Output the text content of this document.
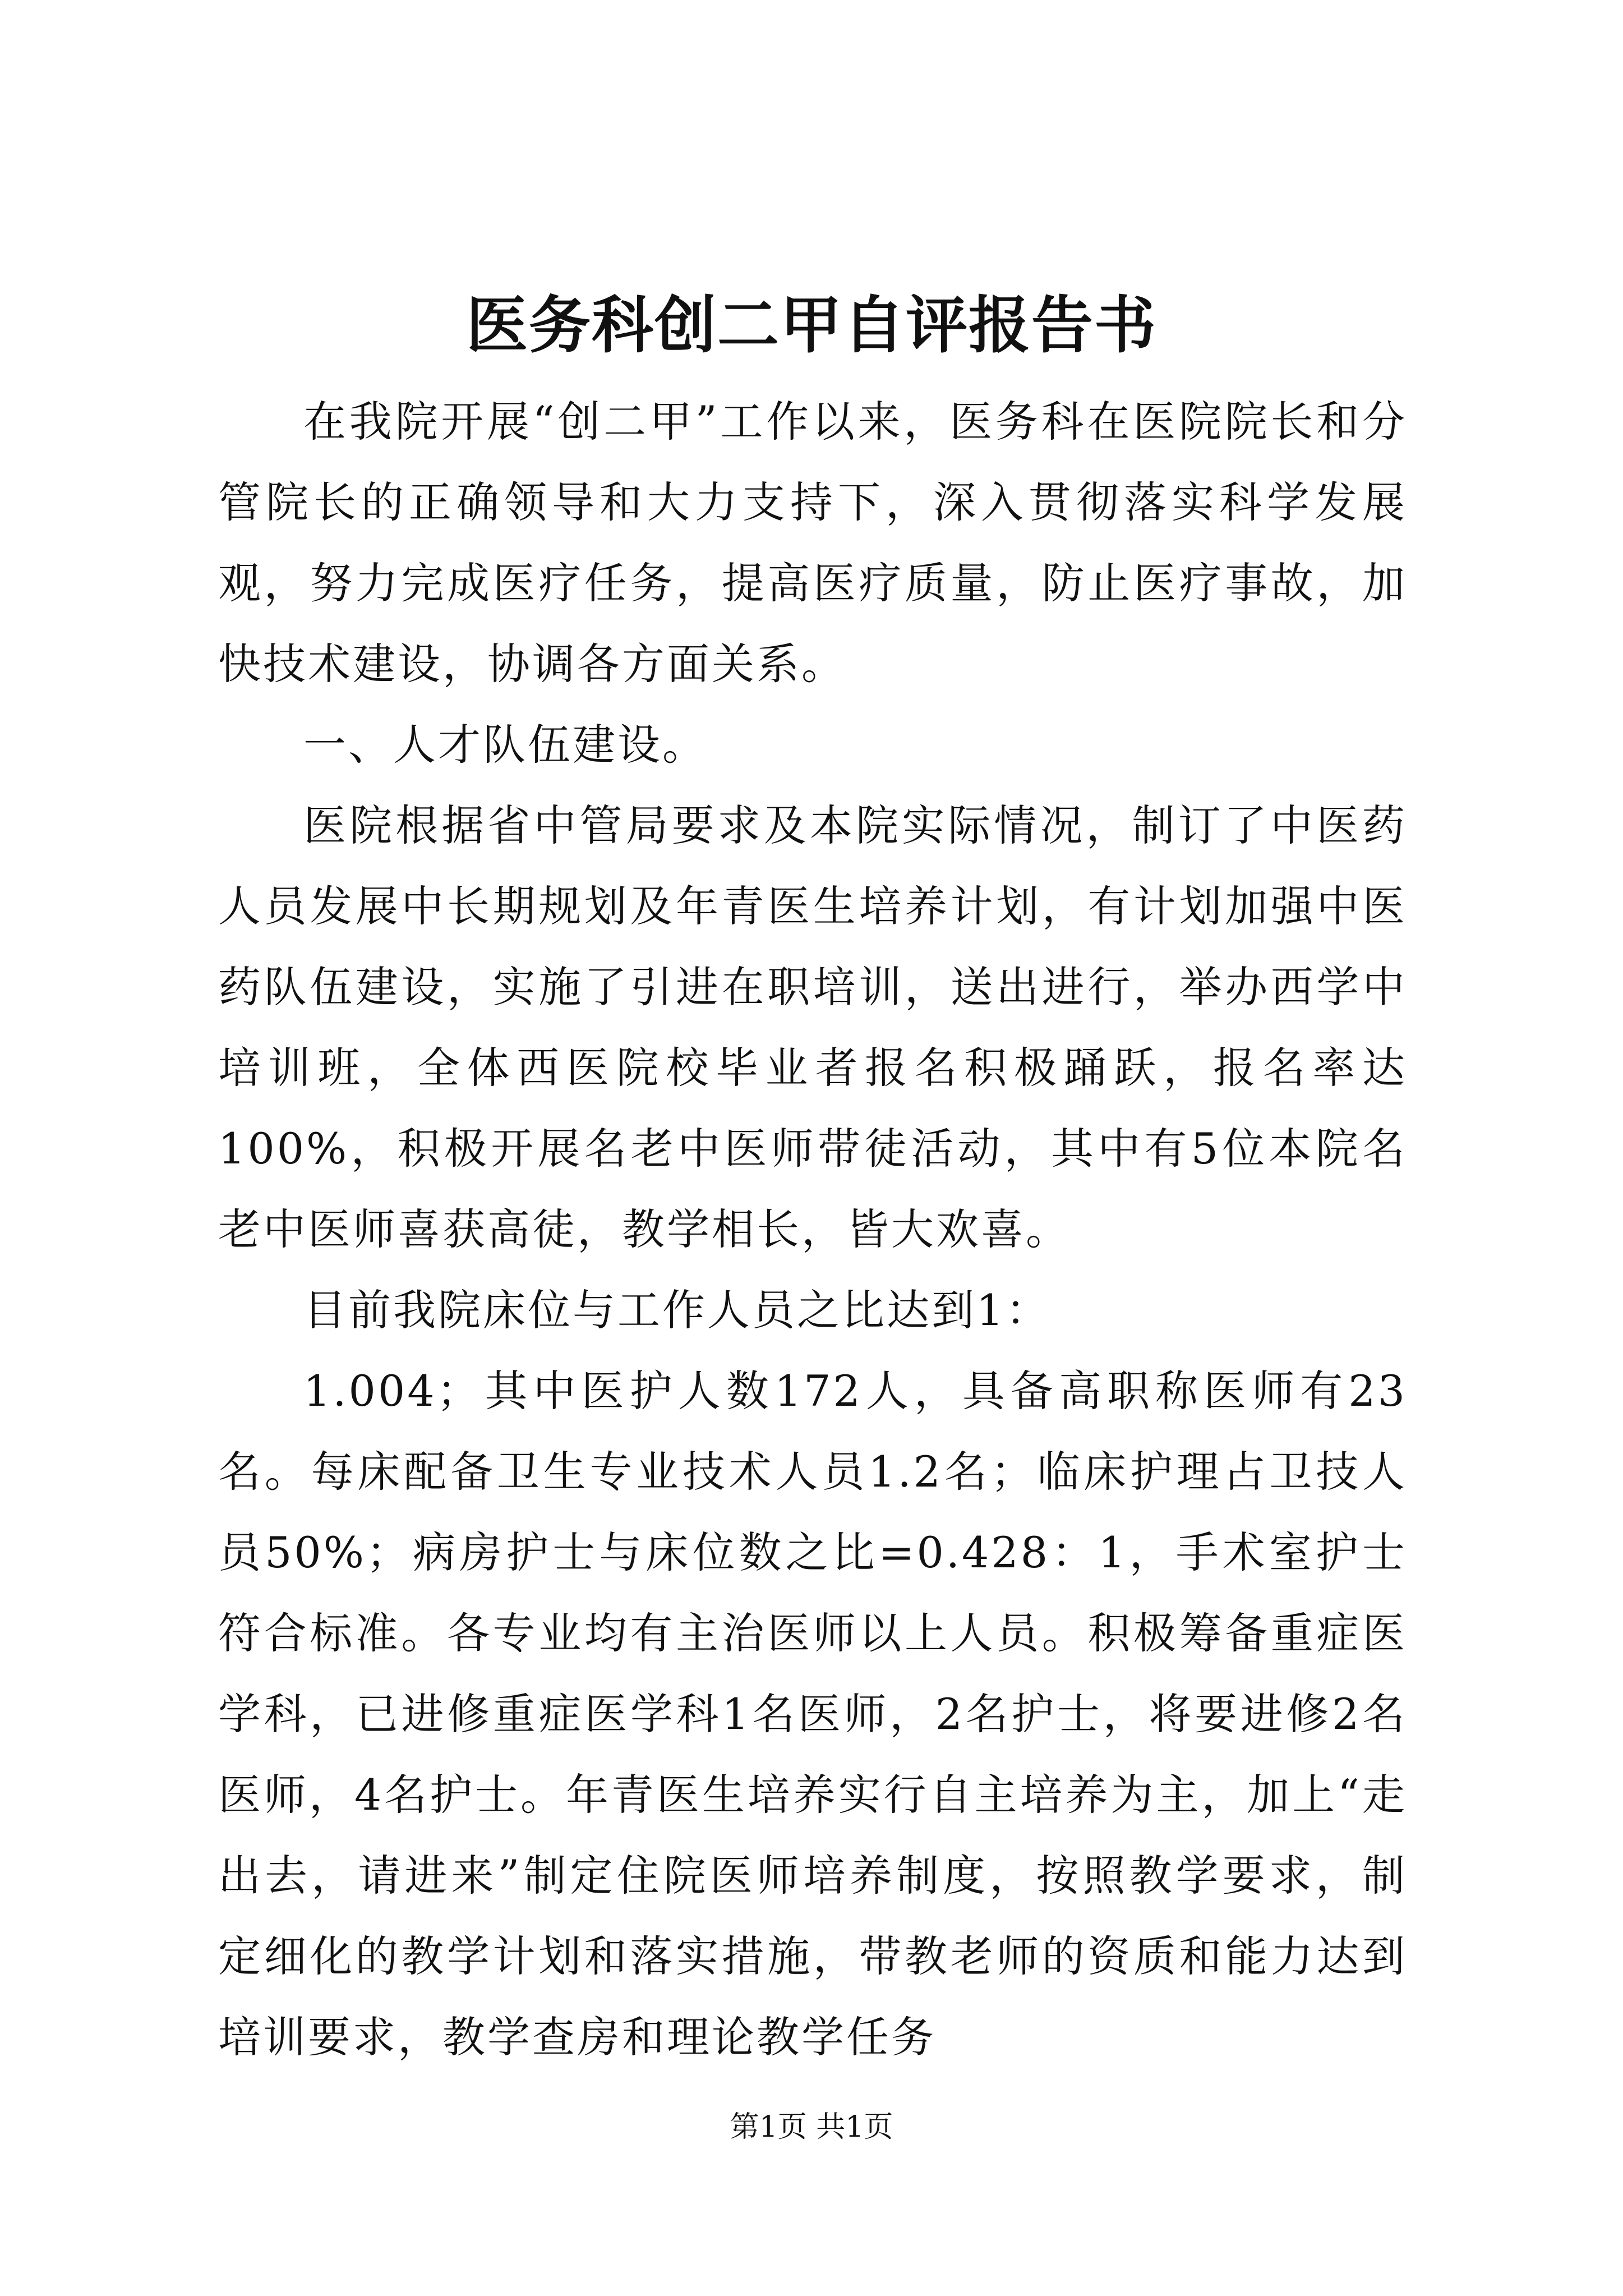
医务科创二甲自评报告书

在我院开展“创二甲”工作以来，医务科在医院院长和分管院长的正确领导和大力支持下，深入贯彻落实科学发展观，努力完成医疗任务，提高医疗质量，防止医疗事故，加快技术建设，协调各方面关系。

一、人才队伍建设。

医院根据省中管局要求及本院实际情况，制订了中医药人员发展中长期规划及年青医生培养计划，有计划加强中医药队伍建设，实施了引进在职培训，送出进行，举办西学中培训班，全体西医院校毕业者报名积极踊跃，报名率达100%，积极开展名老中医师带徒活动，其中有5位本院名老中医师喜获高徒，教学相长，皆大欢喜。

目前我院床位与工作人员之比达到1：

1.004；其中医护人数172人，具备高职称医师有23名。每床配备卫生专业技术人员1.2名；临床护理占卫技人员50%；病房护士与床位数之比=0.428：1，手术室护士符合标准。各专业均有主治医师以上人员。积极筹备重症医学科，已进修重症医学科1名医师，2名护士，将要进修2名医师，4名护士。年青医生培养实行自主培养为主，加上“走出去，请进来”制定住院医师培养制度，按照教学要求，制定细化的教学计划和落实措施，带教老师的资质和能力达到培训要求，教学查房和理论教学任务

第1页 共1页
